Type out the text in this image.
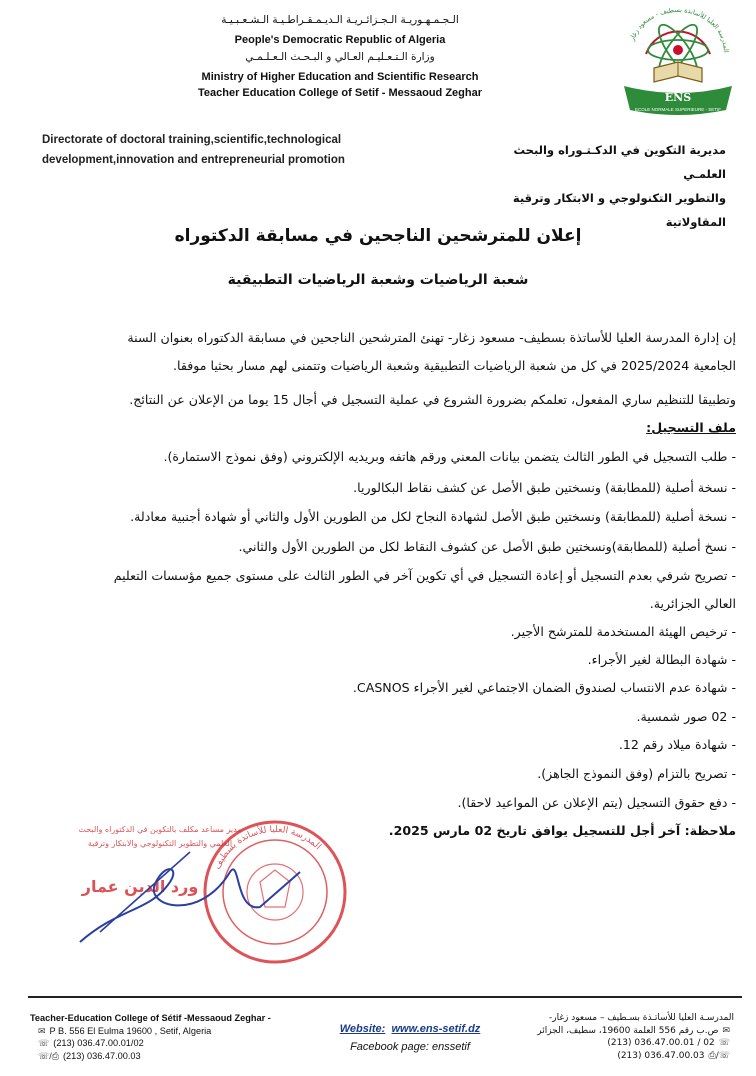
الـجـمـهـوريـة الـجـزائـريـة الـديـمـقـراطـيـة الـشـعـبـيـة
People's Democratic Republic of Algeria
وزارة الـتـعـليـم العـالي و البـحـث الـعـلـمـي
Ministry of Higher Education and Scientific Research
Teacher Education College of Setif - Messaoud Zeghar	ENS
ECOLE NORMALE SUPERIEURE - SETIF
المدرسة العليا للأساتذة بسطيف - مسعود زغار
Directorate of doctoral training,scientific,technological
development,innovation and entrepreneurial promotion
مديرية التكوين في الدكـتـوراه والبحث العلمـي
والتطوير التكنولوجي و الابتكار وترقية المقاولاتية
إعلان للمترشحين الناجحين في مسابقة الدكتوراه
شعبة الرياضيات وشعبة الرياضيات التطبيقية
إن إدارة المدرسة العليا للأساتذة بسطيف- مسعود زغار- تهنئ المترشحين الناجحين في مسابقة الدكتوراه بعنوان السنة
الجامعية 2025/2024 في كل من شعبة الرياضيات التطبيقية وشعبة الرياضيات وتتمنى لهم مسار بحثيا موفقا.
وتطبيقا للتنظيم ساري المفعول، تعلمكم بضرورة الشروع في عملية التسجيل في أجال 15 يوما من الإعلان عن النتائج.
ملف التسجيل:
- طلب التسجيل في الطور الثالث يتضمن بيانات المعني ورقم هاتفه وبريديه الإلكتروني (وفق نموذج الاستمارة).
- نسخة أصلية (للمطابقة) ونسختين طبق الأصل عن كشف نقاط البكالوريا.
- نسخة أصلية (للمطابقة) ونسختين طبق الأصل لشهادة النجاح لكل من الطورين الأول والثاني أو شهادة أجنبية معادلة.
- نسخ أصلية (للمطابقة)ونسختين طبق الأصل عن كشوف النقاط لكل من الطورين الأول والثاني.
- تصريح شرفي بعدم التسجيل أو إعادة التسجيل في أي تكوين آخر في الطور الثالث على مستوى جميع مؤسسات التعليم
العالي الجزائرية.
- ترخيص الهيئة المستخدمة للمترشح الأجير.
- شهادة البطالة لغير الأجراء.
- شهادة عدم الانتساب لصندوق الضمان الاجتماعي لغير الأجراء CASNOS.
- 02 صور شمسية.
- شهادة ميلاد رقم 12.
- تصريح بالتزام (وفق النموذج الجاهز).
- دفع حقوق التسجيل (يتم الإعلان عن المواعيد لاحقا).
ملاحظة: آخر أجل للتسجيل يوافق تاريخ 02 مارس 2025.
المدرسة العليا للأساتذة بسطيف
مدير مساعد مكلف بالتكوين في الدكتوراه والبحث
العلمي والتطوير التكنولوجي والابتكار وترقية
ورد الدين عمار
Teacher-Education College of Sétif -Messaoud Zeghar -
✉ P B. 556 El Eulma 19600 , Setif, Algeria
☏ (213) 036.47.00.01/02
☏/⎙ (213) 036.47.00.03
Website: www.ens-setif.dz
Facebook page: enssetif
المدرسـة العليا للأساتـذة بسـطيف – مسعود زغار-
✉ص.ب رقم 556 العلمة 19600، سطيف، الجزائر
(213) 036.47.00.01 / 02 ☏
(213) 036.47.00.03 ⎙/☏
